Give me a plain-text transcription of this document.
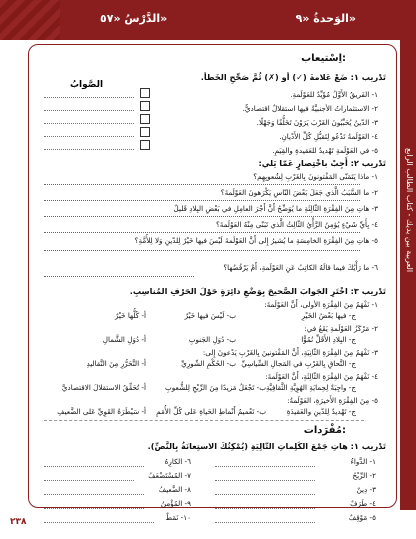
الوَحدةُ «٩»
الدَّرْسُ «٥٧»
العربية بين يديك - كتاب الطالب الرابع
اِسْتيعاب:
تَدْريب ١: ضَعْ عَلامةَ (✓) أو (✗) ثُمَّ صَحِّحِ الخَطأ.
الصَّوابُ
١- الفَريقُ الأَوَّلُ مُؤَيِّدٌ للعَوْلَمةِ.
٢- الاستثماراتُ الأجنبيَّةُ فيها استقلالٌ اقتصاديٌّ.
٣- الدّينُ يُحَبِّبُونَ الغَرْبَ يَرَوْنَ تَخَلُّفًا وَجَهْلًا.
٤- العَوْلَمةُ تَدْعُو لِتَقبُّلِ كُلِّ الأَدْيانِ.
٥- في العَوْلَمةِ تَهْديدٌ للعَقيدةِ والقِيَمِ.
تَدْريب ٢: أَجِبْ باخْتِصارٍ عَمّا يَلي:
١- ماذا يَتَمَنّى المَفْتونونَ بِالغَرْبِ لِشُعوبِهِم؟
٢- ما السَّبَبُ الَّذي جَعَلَ بَعْضَ النّاسِ يَكْرَهونَ العَوْلَمةَ؟
٣- هاتِ مِنَ الفِقْرَةِ الثّالِثَةِ ما يُوَضِّحُ أَنَّ أَجْرَ العامِلِ في بَعْضِ البِلادِ قَليلٌ
٤- بِأَيِّ شَيْءٍ يُؤمِنُ الرَّأْيُ الثّالِثُ الَّذي تَبَنّى مِنْهُ العَوْلَمةَ؟
٥- هاتِ مِنَ الفِقْرَةِ الخامِسَةِ ما يُشيرُ إِلى أَنَّ العَوْلَمةَ لَيْسَ فيها خَيْرٌ لِلدّينِ وَلا لِلأُمَّةِ؟
٦- ما رَأْيُكَ فيما قالَهُ الكاتِبُ عَنِ العَوْلَمةِ، أَمْ يَرْفُضُها؟
تَدْريب ٣: اخْتَرِ الجَوابَ الصَّحيحَ بِوَضْعِ دائِرَةٍ حَوْلَ الحَرْفِ المُناسِبِ.
١- نَفْهَمُ مِنَ الفِقْرَةِ الأولى، أَنَّ العَوْلَمةَ:
أ- كُلُّها خَيْرٌ	ب- لَيْسَ فيها خَيْرٌ	ج- فيها بَعْضُ الخَيْرِ
٢- مَرْكَزُ العَوْلَمةِ يَقَعُ في:
أ- دُوَلِ الشَّمالِ	ب- دُوَلِ الجَنوبِ	ج- البِلادِ الأَقَلِّ نُمُوًّا
٣- نَفْهَمُ مِنَ الفِقْرَةِ الثّانِيَةِ، أَنَّ المَفْتونينَ بِالغَرْبِ يَدْعونَ إِلى:
أ- التَّحَرُّرِ مِنَ التَّقاليدِ	ب- الحُكْمِ الشّورِيِّ ج- التَّحاقِ بِالغَرْبِ في المَجالِ السِّياسِيِّ
٤- نَفْهَمُ مِنَ الفِقْرَةِ الثّالِثَةِ، أَنَّ العَوْلَمةَ:
أ- تُحَقِّقُ الاستقلالَ الاقتصاديَّ	ب- تَجْعَلُ مَزيدًا مِنَ الرِّبْحِ لِلشُّعوبِ ج- واجِبَةٌ لِحِمايَةِ الهُوِيَّةِ الثَّقافِيَّةِ
٥- مِنَ الفِقْرَةِ الأَخيرَةِ، العَوْلَمةُ:
أ- سَيْطَرَةُ القَوِيِّ عَلى الضَّعيفِ ب- تَعْميمُ أَنْماطِ الحَياةِ عَلى كُلِّ الأُمَمِ	ج- تَهْديدٌ لِلدّينِ والعَقيدَةِ
مُفْرَدات:
تَدْريب ١: هاتِ جَمْعَ الكَلِماتِ التّالِيَةِ (يُمْكِنُكَ الاستِعانَةُ بِالنَّصِّ).
١- الدَّواءُ
٢- الرِّبْحُ
٣- دِينٌ
٤- طَرَفٌ
٥- مَوْقِفٌ
٦- الكارِهُ
٧- المُسْتَضْعَفُ
٨- الضَّعيفُ
٩- المُؤْمِنُ
١٠- نَمَطٌ
٢٣٨
